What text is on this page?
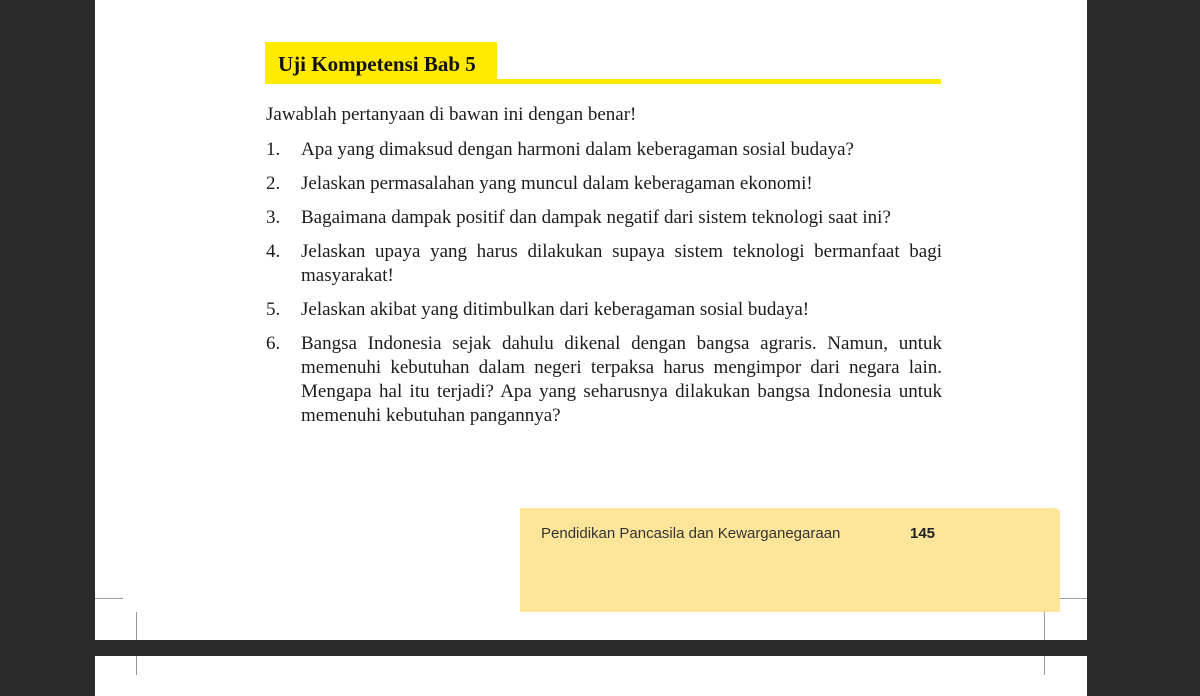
Uji Kompetensi Bab 5
Jawablah pertanyaan di bawan ini dengan benar!
1.	Apa yang dimaksud dengan harmoni dalam keberagaman sosial budaya?
2.	Jelaskan permasalahan yang muncul dalam keberagaman ekonomi!
3.	Bagaimana dampak positif dan dampak negatif dari sistem teknologi saat ini?
4.	Jelaskan upaya yang harus dilakukan supaya sistem teknologi bermanfaat bagi masyarakat!
5.	Jelaskan akibat yang ditimbulkan dari keberagaman sosial budaya!
6.	Bangsa Indonesia sejak dahulu dikenal dengan bangsa agraris. Namun, untuk memenuhi kebutuhan dalam negeri terpaksa harus mengimpor dari negara lain. Mengapa hal itu terjadi? Apa yang seharusnya dilakukan bangsa Indonesia untuk memenuhi kebutuhan pangannya?
Pendidikan Pancasila dan Kewarganegaraan	145
